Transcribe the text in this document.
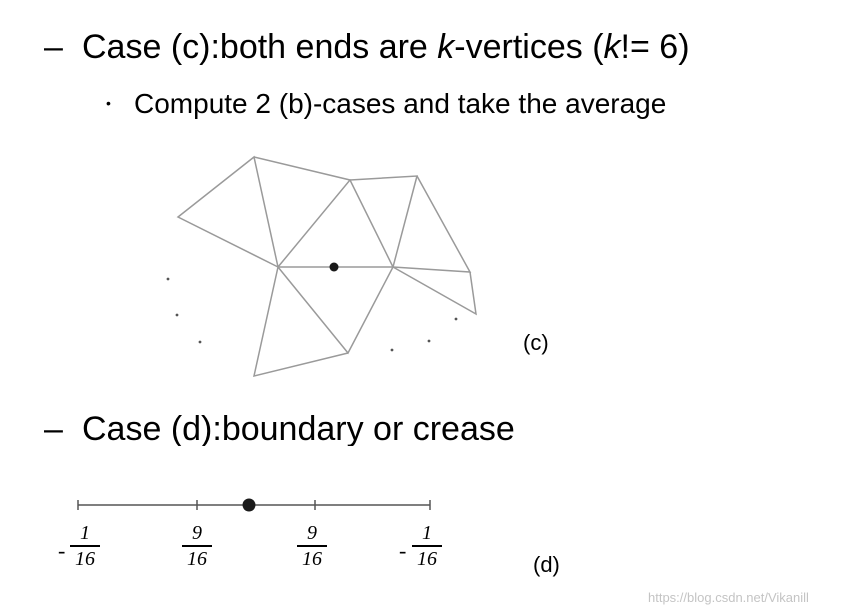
– Case (c):both ends are k-vertices (k!= 6)
• Compute 2 (b)-cases and take the average
(c)
– Case (d):boundary or crease
-
1
16
9
16
9
16	-
1
16	(d)
https://blog.csdn.net/Vikanill
